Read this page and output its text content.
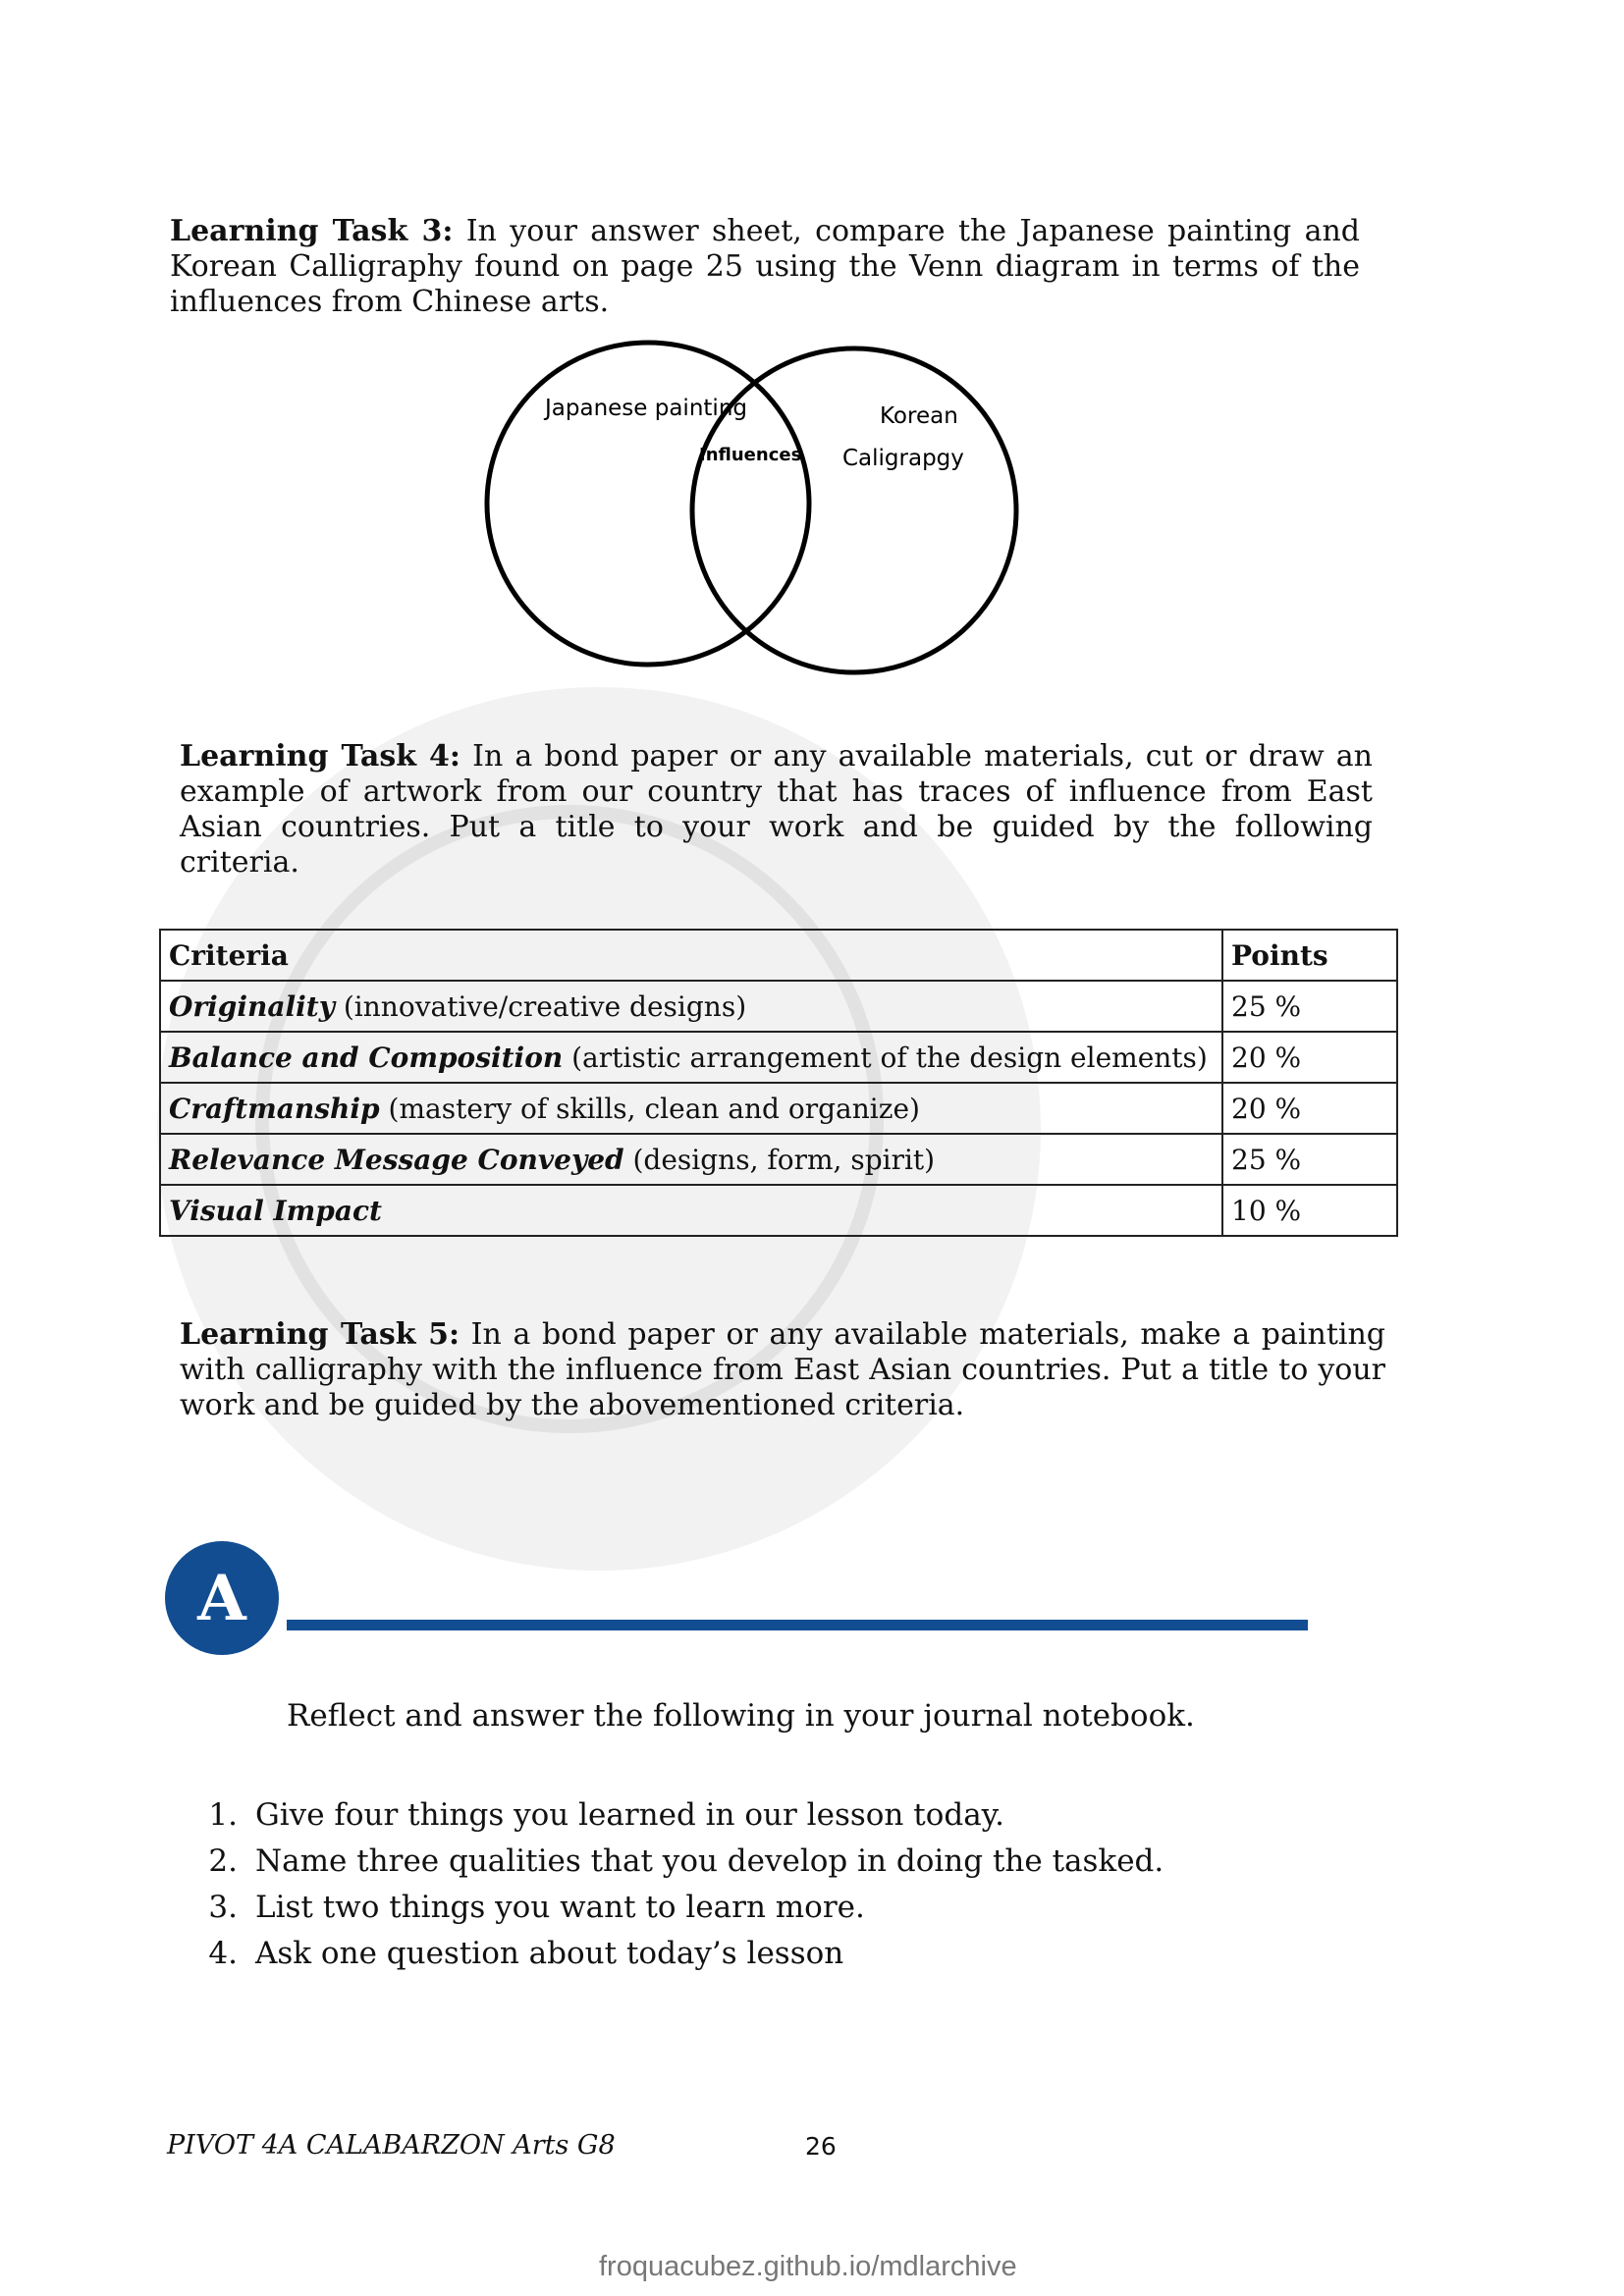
Learning Task 3: In your answer sheet, compare the Japanese painting and Korean Calligraphy found on page 25 using the Venn diagram in terms of the influences from Chinese arts.

Japanese painting
Influences
Korean
Caligrapgy

Learning Task 4: In a bond paper or any available materials, cut or draw an example of artwork from our country that has traces of influence from East Asian countries. Put a title to your work and be guided by the following criteria.

Criteria	Points
Originality (innovative/creative designs)	25 %
Balance and Composition (artistic arrangement of the design elements)	20 %
Craftmanship (mastery of skills, clean and organize)	20 %
Relevance Message Conveyed (designs, form, spirit)	25 %
Visual Impact	10 %

Learning Task 5: In a bond paper or any available materials, make a painting with calligraphy with the influence from East Asian countries. Put a title to your work and be guided by the abovementioned criteria.

A
Reflect and answer the following in your journal notebook.
1. Give four things you learned in our lesson today.
2. Name three qualities that you develop in doing the tasked.
3. List two things you want to learn more.
4. Ask one question about today’s lesson
PIVOT 4A CALABARZON Arts G8	26
froquacubez.github.io/mdlarchive
